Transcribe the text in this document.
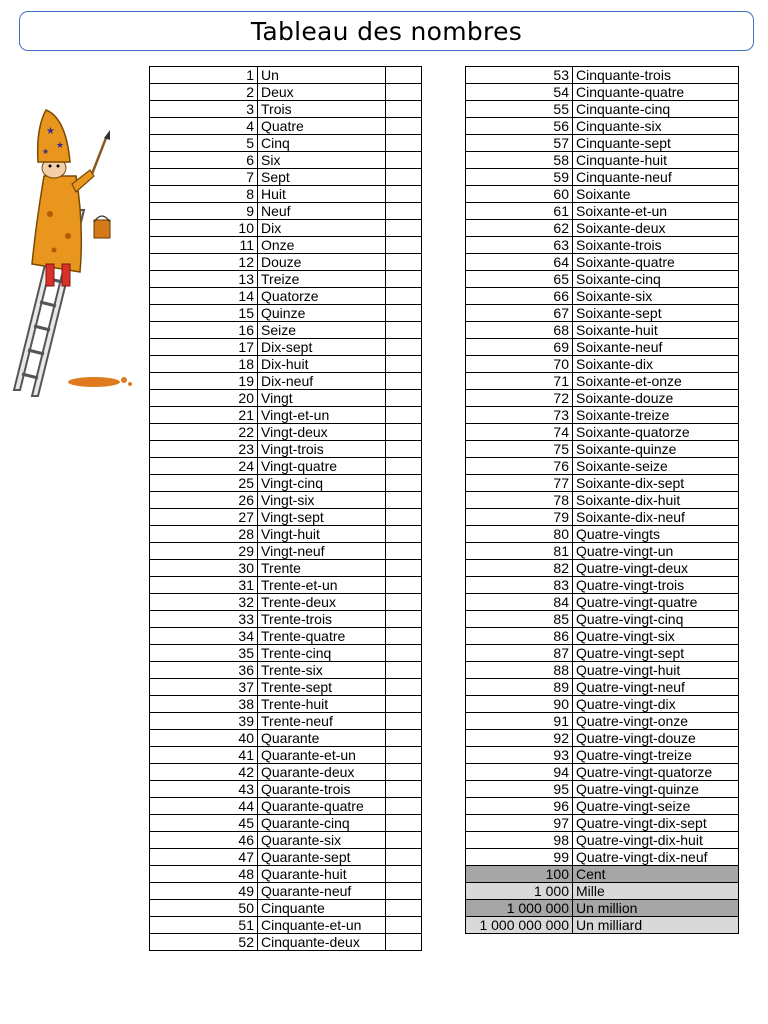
Tableau des nombres
★
★
★
1	Un	
2	Deux	
3	Trois	
4	Quatre	
5	Cinq	
6	Six	
7	Sept	
8	Huit	
9	Neuf	
10	Dix	
11	Onze	
12	Douze	
13	Treize	
14	Quatorze	
15	Quinze	
16	Seize	
17	Dix-sept	
18	Dix-huit	
19	Dix-neuf	
20	Vingt	
21	Vingt-et-un	
22	Vingt-deux	
23	Vingt-trois	
24	Vingt-quatre	
25	Vingt-cinq	
26	Vingt-six	
27	Vingt-sept	
28	Vingt-huit	
29	Vingt-neuf	
30	Trente	
31	Trente-et-un	
32	Trente-deux	
33	Trente-trois	
34	Trente-quatre	
35	Trente-cinq	
36	Trente-six	
37	Trente-sept	
38	Trente-huit	
39	Trente-neuf	
40	Quarante	
41	Quarante-et-un	
42	Quarante-deux	
43	Quarante-trois	
44	Quarante-quatre	
45	Quarante-cinq	
46	Quarante-six	
47	Quarante-sept	
48	Quarante-huit	
49	Quarante-neuf	
50	Cinquante	
51	Cinquante-et-un	
52	Cinquante-deux	
53	Cinquante-trois
54	Cinquante-quatre
55	Cinquante-cinq
56	Cinquante-six
57	Cinquante-sept
58	Cinquante-huit
59	Cinquante-neuf
60	Soixante
61	Soixante-et-un
62	Soixante-deux
63	Soixante-trois
64	Soixante-quatre
65	Soixante-cinq
66	Soixante-six
67	Soixante-sept
68	Soixante-huit
69	Soixante-neuf
70	Soixante-dix
71	Soixante-et-onze
72	Soixante-douze
73	Soixante-treize
74	Soixante-quatorze
75	Soixante-quinze
76	Soixante-seize
77	Soixante-dix-sept
78	Soixante-dix-huit
79	Soixante-dix-neuf
80	Quatre-vingts
81	Quatre-vingt-un
82	Quatre-vingt-deux
83	Quatre-vingt-trois
84	Quatre-vingt-quatre
85	Quatre-vingt-cinq
86	Quatre-vingt-six
87	Quatre-vingt-sept
88	Quatre-vingt-huit
89	Quatre-vingt-neuf
90	Quatre-vingt-dix
91	Quatre-vingt-onze
92	Quatre-vingt-douze
93	Quatre-vingt-treize
94	Quatre-vingt-quatorze
95	Quatre-vingt-quinze
96	Quatre-vingt-seize
97	Quatre-vingt-dix-sept
98	Quatre-vingt-dix-huit
99	Quatre-vingt-dix-neuf
100	Cent
1 000	Mille
1 000 000	Un million
1 000 000 000	Un milliard
